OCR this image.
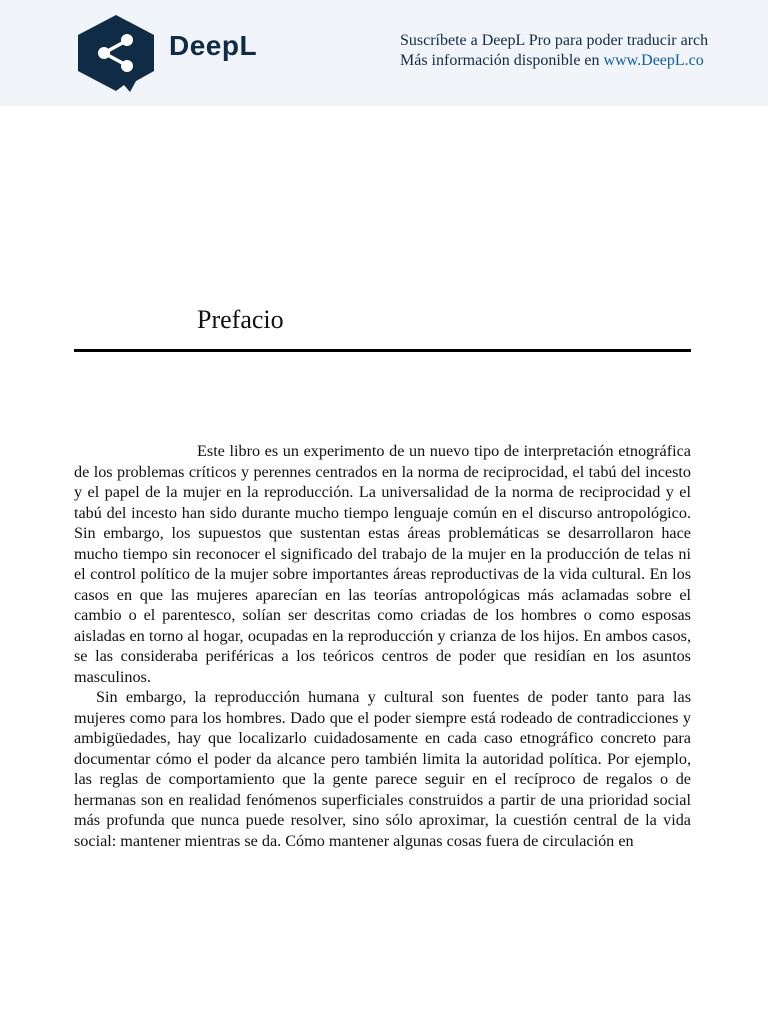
DeepL	Suscríbete a DeepL Pro para poder traducir arch
Más información disponible en www.DeepL.co
Prefacio

Este libro es un experimento de un nuevo tipo de interpretación etnográfica de los problemas críticos y perennes centrados en la norma de reciprocidad, el tabú del incesto y el papel de la mujer en la reproducción. La universalidad de la norma de reciprocidad y el tabú del incesto han sido durante mucho tiempo lenguaje común en el discurso antropológico. Sin embargo, los supuestos que sustentan estas áreas problemáticas se desarrollaron hace mucho tiempo sin reconocer el significado del trabajo de la mujer en la producción de telas ni el control político de la mujer sobre importantes áreas reproductivas de la vida cultural. En los casos en que las mujeres aparecían en las teorías antropológicas más aclamadas sobre el cambio o el parentesco, solían ser descritas como criadas de los hombres o como esposas aisladas en torno al hogar, ocupadas en la reproducción y crianza de los hijos. En ambos casos, se las consideraba periféricas a los teóricos centros de poder que residían en los asuntos masculinos.

Sin embargo, la reproducción humana y cultural son fuentes de poder tanto para las mujeres como para los hombres. Dado que el poder siempre está rodeado de contradicciones y ambigüedades, hay que localizarlo cuidadosamente en cada caso etnográfico concreto para documentar cómo el poder da alcance pero también limita la autoridad política. Por ejemplo, las reglas de comportamiento que la gente parece seguir en el recíproco de regalos o de hermanas son en realidad fenómenos superficiales construidos a partir de una prioridad social más profunda que nunca puede resolver, sino sólo aproximar, la cuestión central de la vida social: mantener mientras se da. Cómo mantener algunas cosas fuera de circulación en
